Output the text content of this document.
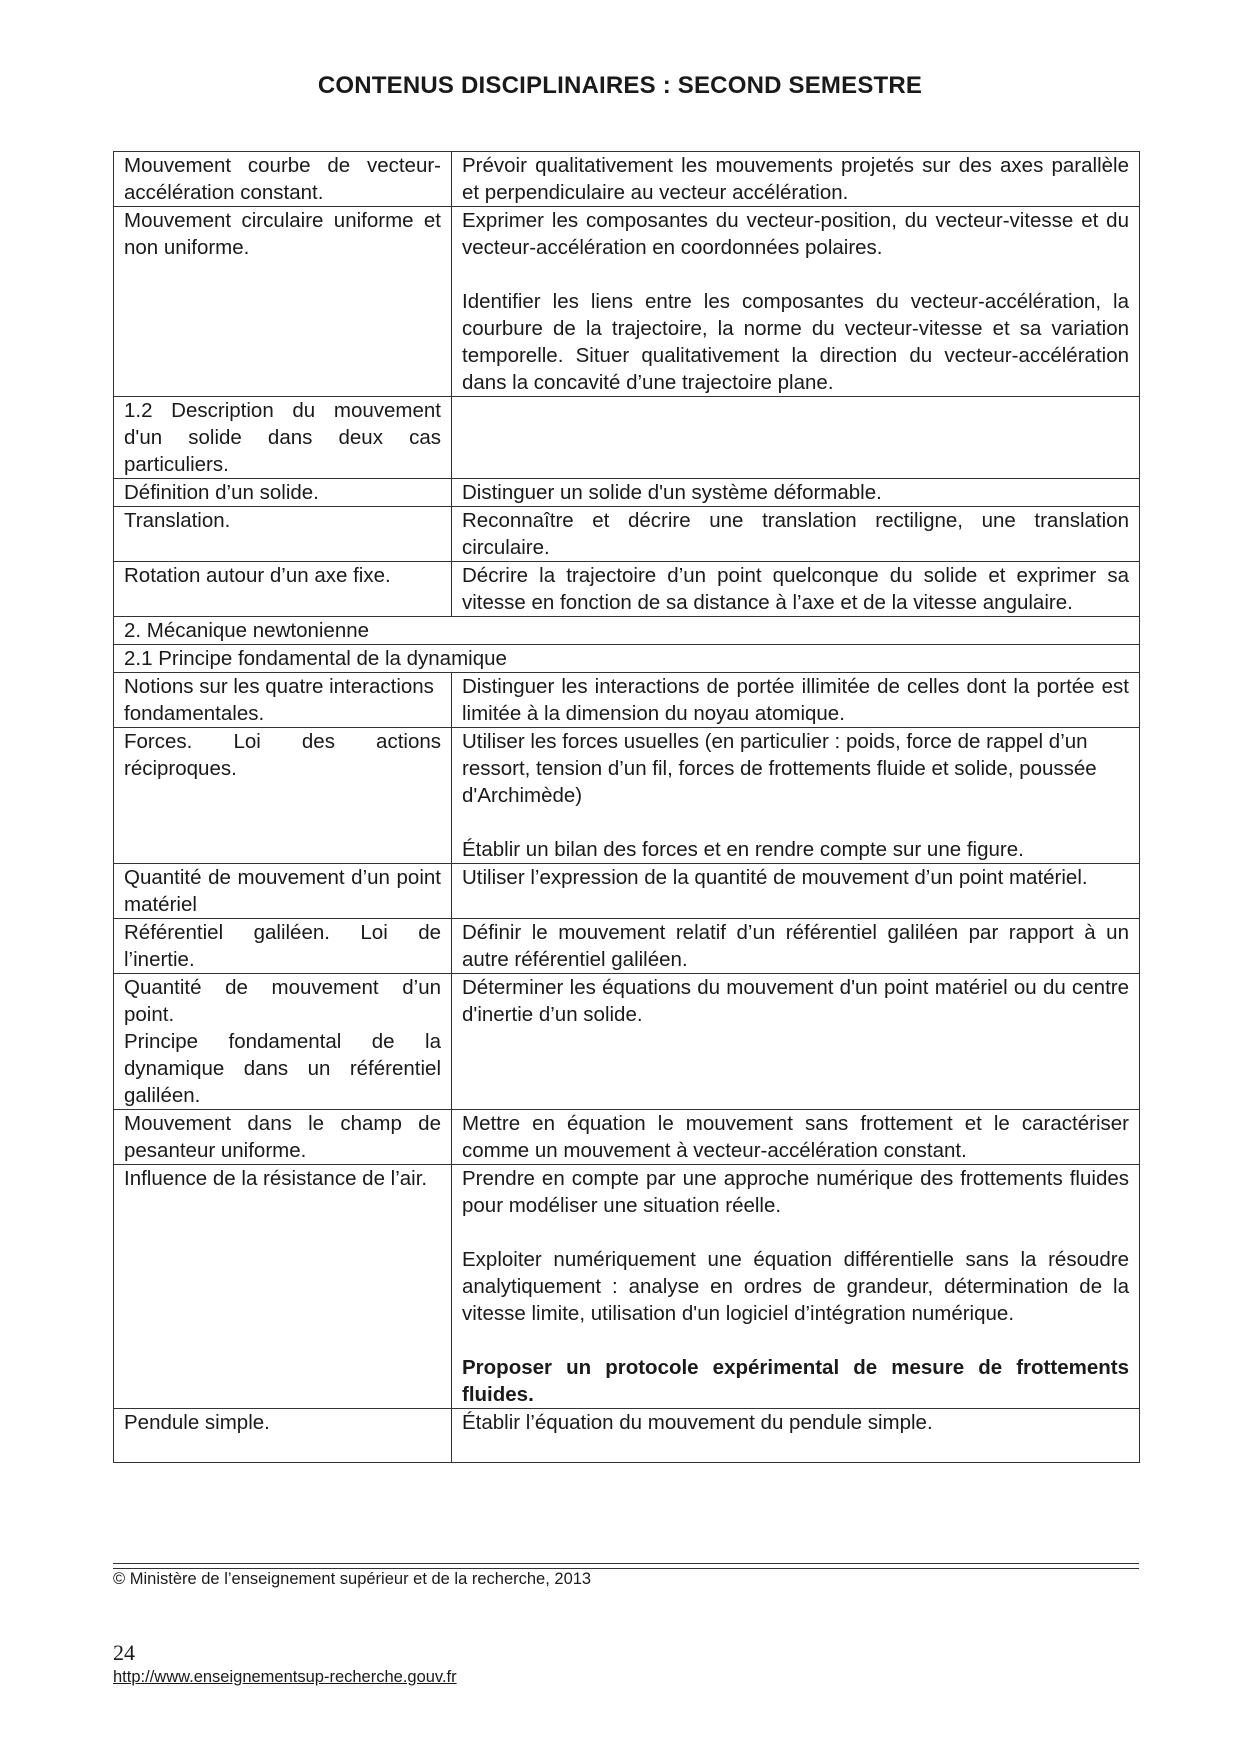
CONTENUS DISCIPLINAIRES : SECOND SEMESTRE
Mouvement courbe de vecteur-accélération constant.	Prévoir qualitativement les mouvements projetés sur des axes parallèle et perpendiculaire au vecteur accélération.

Mouvement circulaire uniforme et non uniforme.	Exprimer les composantes du vecteur-position, du vecteur-vitesse et du vecteur-accélération en coordonnées polaires.
Identifier les liens entre les composantes du vecteur-accélération, la courbure de la trajectoire, la norme du vecteur-vitesse et sa variation temporelle. Situer qualitativement la direction du vecteur-accélération dans la concavité d’une trajectoire plane.

1.2 Description du mouvement d'un solide dans deux cas particuliers.	
Définition d’un solide.	Distinguer un solide d'un système déformable.

Translation.	Reconnaître et décrire une translation rectiligne, une translation circulaire.

Rotation autour d’un axe fixe.	Décrire la trajectoire d’un point quelconque du solide et exprimer sa vitesse en fonction de sa distance à l’axe et de la vitesse angulaire.

2. Mécanique newtonienne	
2.1 Principe fondamental de la dynamique	
Notions sur les quatre interactions fondamentales.	Distinguer les interactions de portée illimitée de celles dont la portée est limitée à la dimension du noyau atomique.

Forces. Loi des actions réciproques.	Utiliser les forces usuelles (en particulier : poids, force de rappel d’un ressort, tension d’un fil, forces de frottements fluide et solide, poussée d'Archimède)
Établir un bilan des forces et en rendre compte sur une figure.

Quantité de mouvement d’un point matériel	Utiliser l’expression de la quantité de mouvement d’un point matériel.

Référentiel galiléen. Loi de l’inertie.	Définir le mouvement relatif d’un référentiel galiléen par rapport à un autre référentiel galiléen.

Quantité de mouvement d’un point.
Principe fondamental de la dynamique dans un référentiel galiléen.	Déterminer les équations du mouvement d'un point matériel ou du centre d'inertie d’un solide.

Mouvement dans le champ de pesanteur uniforme.	Mettre en équation le mouvement sans frottement et le caractériser comme un mouvement à vecteur-accélération constant.

Influence de la résistance de l’air.	Prendre en compte par une approche numérique des frottements fluides pour modéliser une situation réelle.
Exploiter numériquement une équation différentielle sans la résoudre analytiquement : analyse en ordres de grandeur, détermination de la vitesse limite, utilisation d'un logiciel d’intégration numérique.
Proposer un protocole expérimental de mesure de frottements fluides.

Pendule simple.	Établir l’équation du mouvement du pendule simple.
© Ministère de l’enseignement supérieur et de la recherche, 2013
24
http://www.enseignementsup-recherche.gouv.fr
